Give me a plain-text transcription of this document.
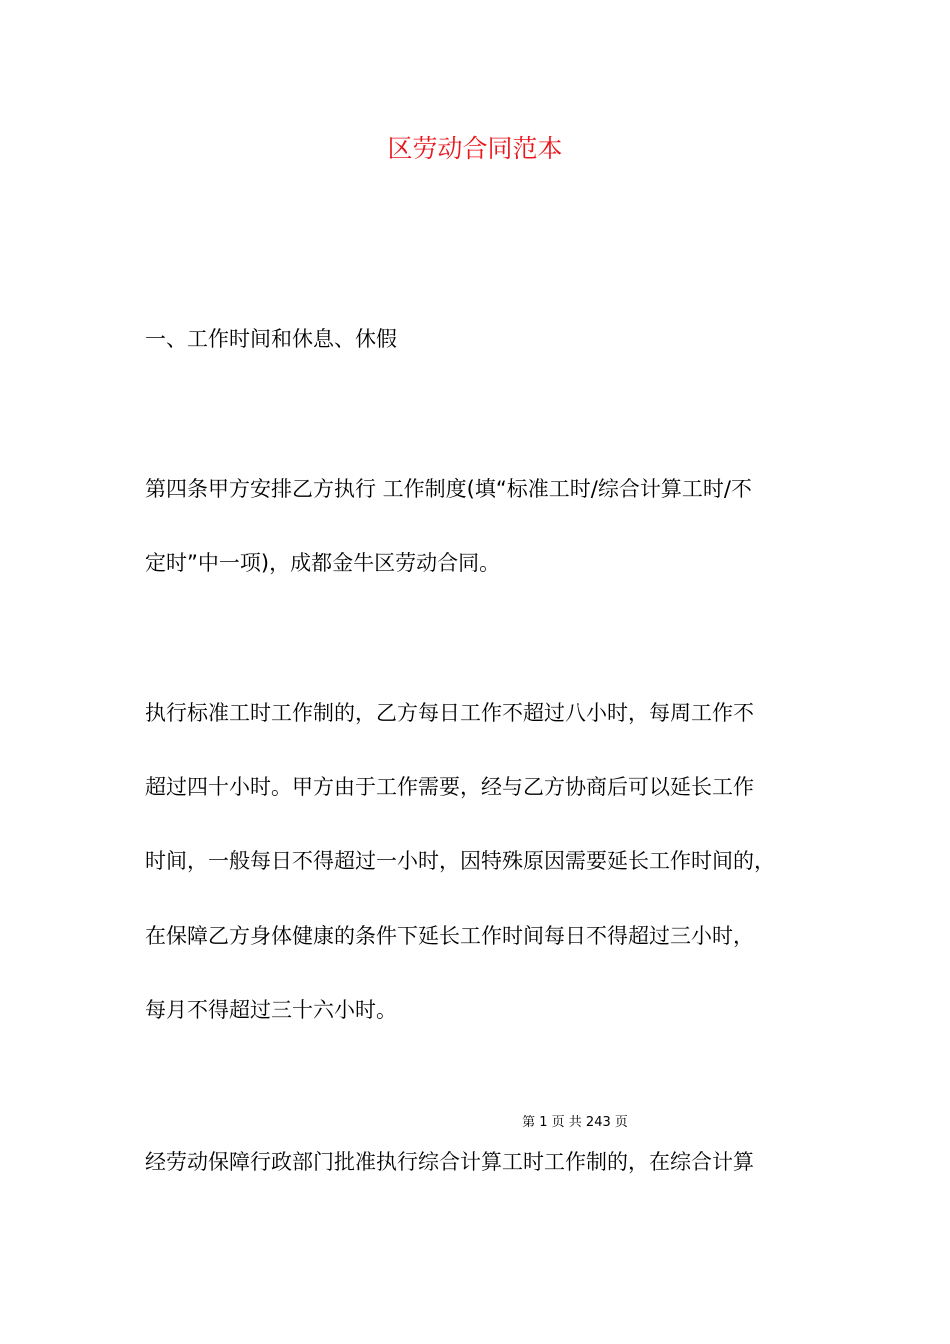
区劳动合同范本

一、工作时间和休息、休假

第四条甲方安排乙方执行 工作制度(填“标准工时/综合计算工时/不

定时”中一项)，成都金牛区劳动合同。

执行标准工时工作制的，乙方每日工作不超过八小时，每周工作不

超过四十小时。甲方由于工作需要，经与乙方协商后可以延长工作

时间，一般每日不得超过一小时，因特殊原因需要延长工作时间的，

在保障乙方身体健康的条件下延长工作时间每日不得超过三小时，

每月不得超过三十六小时。

第 1 页 共 243 页

经劳动保障行政部门批准执行综合计算工时工作制的，在综合计算
